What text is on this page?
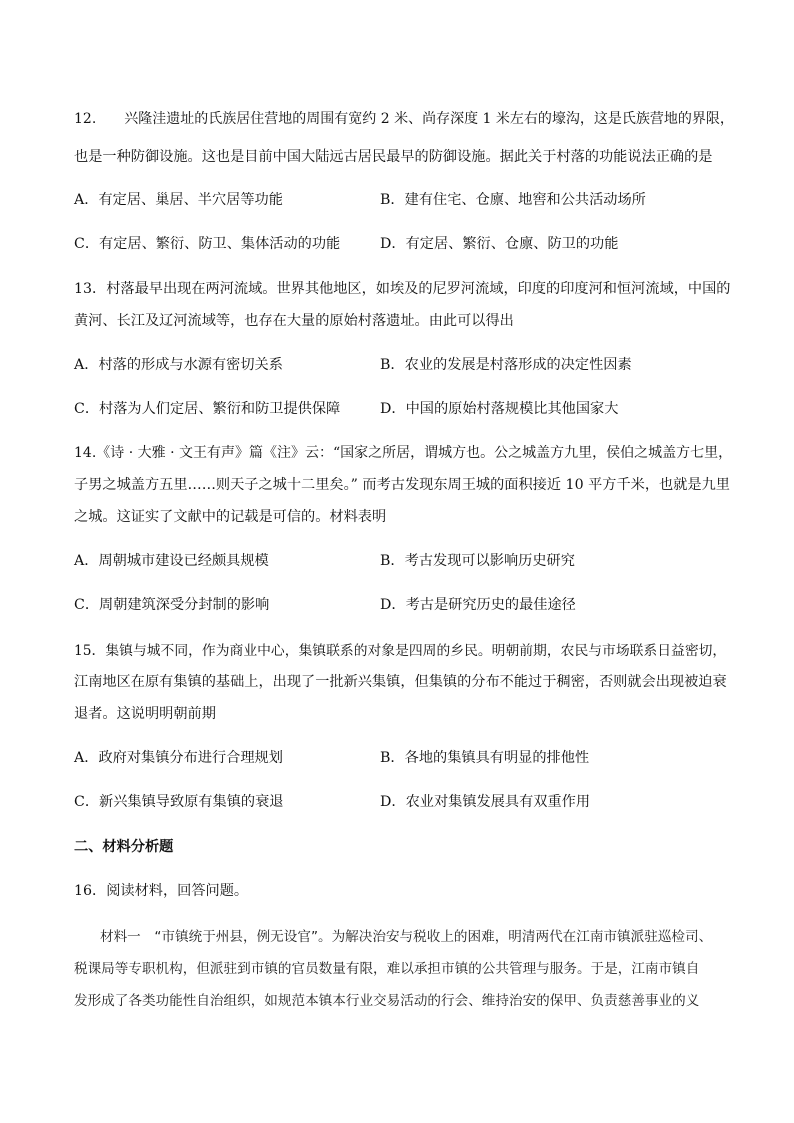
12.　　兴隆洼遗址的氏族居住营地的周围有宽约 2 米、尚存深度 1 米左右的壕沟，这是氏族营地的界限，
也是一种防御设施。这也是目前中国大陆远古居民最早的防御设施。据此关于村落的功能说法正确的是
A．有定居、巢居、半穴居等功能	B．建有住宅、仓廪、地窖和公共活动场所
C．有定居、繁衍、防卫、集体活动的功能	D．有定居、繁衍、仓廪、防卫的功能
13．村落最早出现在两河流域。世界其他地区，如埃及的尼罗河流域，印度的印度河和恒河流域，中国的
黄河、长江及辽河流域等，也存在大量的原始村落遗址。由此可以得出
A．村落的形成与水源有密切关系	B．农业的发展是村落形成的决定性因素
C．村落为人们定居、繁衍和防卫提供保障	D．中国的原始村落规模比其他国家大
14.《诗 · 大雅 · 文王有声》篇《注》云：“国家之所居，谓城方也。公之城盖方九里，侯伯之城盖方七里，
子男之城盖方五里……则天子之城十二里矣。” 而考古发现东周王城的面积接近 10 平方千米，也就是九里
之城。这证实了文献中的记载是可信的。材料表明
A．周朝城市建设已经颇具规模	B．考古发现可以影响历史研究
C．周朝建筑深受分封制的影响	D．考古是研究历史的最佳途径
15．集镇与城不同，作为商业中心，集镇联系的对象是四周的乡民。明朝前期，农民与市场联系日益密切，
江南地区在原有集镇的基础上，出现了一批新兴集镇，但集镇的分布不能过于稠密，否则就会出现被迫衰
退者。这说明明朝前期
A．政府对集镇分布进行合理规划	B．各地的集镇具有明显的排他性
C．新兴集镇导致原有集镇的衰退	D．农业对集镇发展具有双重作用
二、材料分析题
16．阅读材料，回答问题。
材料一　“市镇统于州县，例无设官”。为解决治安与税收上的困难，明清两代在江南市镇派驻巡检司、
税课局等专职机构，但派驻到市镇的官员数量有限，难以承担市镇的公共管理与服务。于是，江南市镇自
发形成了各类功能性自治组织，如规范本镇本行业交易活动的行会、维持治安的保甲、负责慈善事业的义
